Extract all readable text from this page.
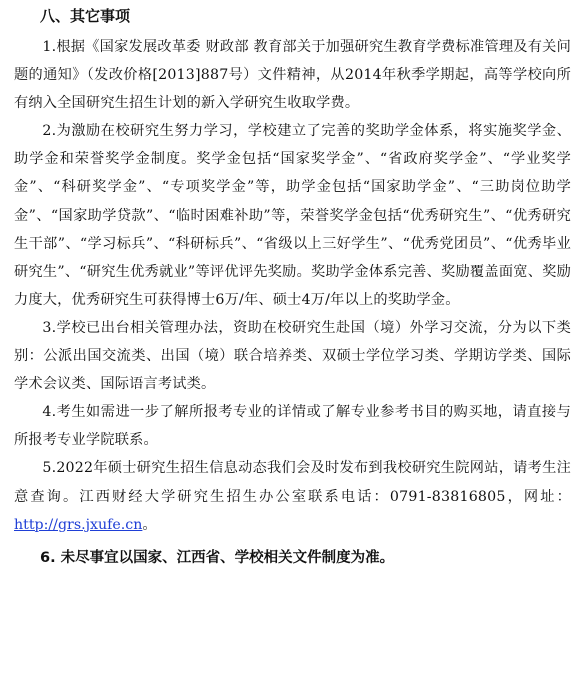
八、其它事项

1.根据《国家发展改革委 财政部 教育部关于加强研究生教育学费标准管理及有关问题的通知》（发改价格[2013]887号）文件精神，从2014年秋季学期起，高等学校向所有纳入全国研究生招生计划的新入学研究生收取学费。

2.为激励在校研究生努力学习，学校建立了完善的奖助学金体系，将实施奖学金、助学金和荣誉奖学金制度。奖学金包括“国家奖学金”、“省政府奖学金”、“学业奖学金”、“科研奖学金”、“专项奖学金”等，助学金包括“国家助学金”、“三助岗位助学金”、“国家助学贷款”、“临时困难补助”等，荣誉奖学金包括“优秀研究生”、“优秀研究生干部”、“学习标兵”、“科研标兵”、“省级以上三好学生”、“优秀党团员”、“优秀毕业研究生”、“研究生优秀就业”等评优评先奖励。奖助学金体系完善、奖励覆盖面宽、奖励力度大，优秀研究生可获得博士6万/年、硕士4万/年以上的奖助学金。

3.学校已出台相关管理办法，资助在校研究生赴国（境）外学习交流，分为以下类别：公派出国交流类、出国（境）联合培养类、双硕士学位学习类、学期访学类、国际学术会议类、国际语言考试类。

4.考生如需进一步了解所报考专业的详情或了解专业参考书目的购买地，请直接与所报考专业学院联系。

5.2022年硕士研究生招生信息动态我们会及时发布到我校研究生院网站，请考生注意查询。江西财经大学研究生招生办公室联系电话：0791-83816805，网址：http://grs.jxufe.cn。

6. 未尽事宜以国家、江西省、学校相关文件制度为准。
